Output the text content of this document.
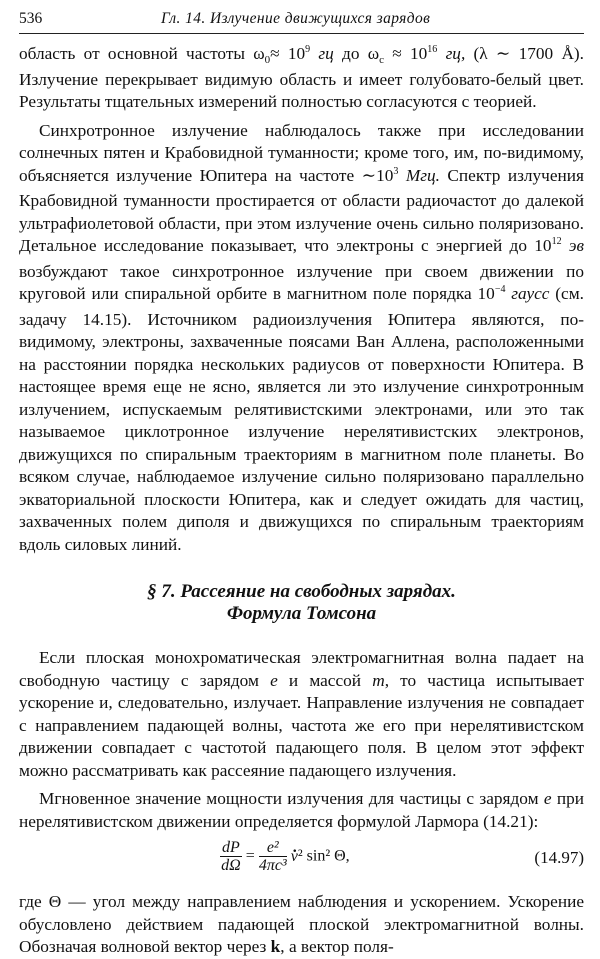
536	Гл. 14. Излучение движущихся зарядов

область от основной частоты $\omega_0\approx 10^9$ гц до $\omega_c \approx 10^{16}$ гц, (λ ∼ 1700 Å). Излучение перекрывает видимую область и имеет голубовато-белый цвет. Результаты тщательных измерений полностью согласуются с теорией.

Синхротронное излучение наблюдалось также при исследовании солнечных пятен и Крабовидной туманности; кроме того, им, по-видимому, объясняется излучение Юпитера на частоте $\sim 10^3$ Мгц. Спектр излучения Крабовидной туманности простирается от области радиочастот до далекой ультрафиолетовой области, при этом излучение очень сильно поляризовано. Детальное исследование показывает, что электроны с энергией до $10^{12}$ эв возбуждают такое синхротронное излучение при своем движении по круговой или спиральной орбите в магнитном поле порядка $10^{-4}$ гаусс (см. задачу 14.15). Источником радиоизлучения Юпитера являются, по-видимому, электроны, захваченные поясами Ван Аллена, расположенными на расстоянии порядка нескольких радиусов от поверхности Юпитера. В настоящее время еще не ясно, является ли это излучение синхротронным излучением, испускаемым релятивистскими электронами, или это так называемое циклотронное излучение нерелятивистских электронов, движущихся по спиральным траекториям в магнитном поле планеты. Во всяком случае, наблюдаемое излучение сильно поляризовано параллельно экваториальной плоскости Юпитера, как и следует ожидать для частиц, захваченных полем диполя и движущихся по спиральным траекториям вдоль силовых линий.

§ 7. Рассеяние на свободных зарядах.
Формула Томсона

Если плоская монохроматическая электромагнитная волна падает на свободную частицу с зарядом e и массой m, то частица испытывает ускорение и, следовательно, излучает. Направление излучения не совпадает с направлением падающей волны, частота же его при нерелятивистском движении совпадает с частотой падающего поля. В целом этот эффект можно рассматривать как рассеяние падающего излучения.

Мгновенное значение мощности излучения для частицы с зарядом e при нерелятивистском движении определяется формулой Лармора (14.21):

$\frac{dP}{d\Omega} = \frac{\text{e²}}{\text{4πc³}}$
. v² sin² Θ,	(14.97)

где Θ — угол между направлением наблюдения и ускорением. Ускорение обусловлено действием падающей плоской электромагнитной волны. Обозначая волновой вектор через k, а вектор поля-
